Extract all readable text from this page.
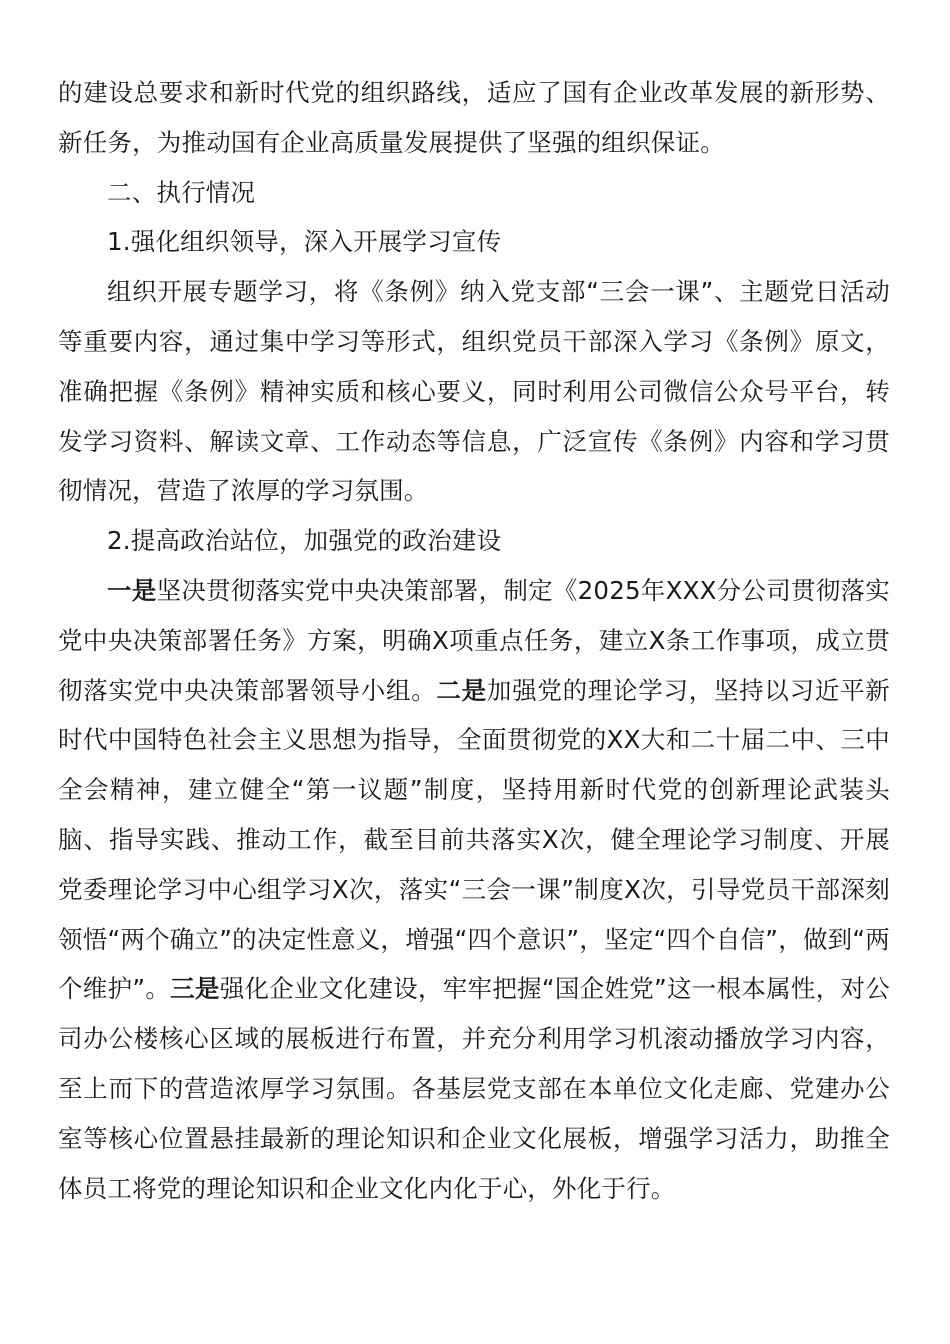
的建设总要求和新时代党的组织路线，适应了国有企业改革发展的新形势、新任务，为推动国有企业高质量发展提供了坚强的组织保证。

二、执行情况

1.强化组织领导，深入开展学习宣传

组织开展专题学习，将《条例》纳入党支部“三会一课”、主题党日活动等重要内容，通过集中学习等形式，组织党员干部深入学习《条例》原文，准确把握《条例》精神实质和核心要义，同时利用公司微信公众号平台，转发学习资料、解读文章、工作动态等信息，广泛宣传《条例》内容和学习贯彻情况，营造了浓厚的学习氛围。

2.提高政治站位，加强党的政治建设

一是坚决贯彻落实党中央决策部署，制定《2025年XXX分公司贯彻落实党中央决策部署任务》方案，明确X项重点任务，建立X条工作事项，成立贯彻落实党中央决策部署领导小组。二是加强党的理论学习，坚持以习近平新时代中国特色社会主义思想为指导，全面贯彻党的XX大和二十届二中、三中全会精神，建立健全“第一议题”制度，坚持用新时代党的创新理论武装头脑、指导实践、推动工作，截至目前共落实X次，健全理论学习制度、开展党委理论学习中心组学习X次，落实“三会一课”制度X次，引导党员干部深刻领悟“两个确立”的决定性意义，增强“四个意识”，坚定“四个自信”，做到“两个维护”。三是强化企业文化建设，牢牢把握“国企姓党”这一根本属性，对公司办公楼核心区域的展板进行布置，并充分利用学习机滚动播放学习内容，至上而下的营造浓厚学习氛围。各基层党支部在本单位文化走廊、党建办公室等核心位置悬挂最新的理论知识和企业文化展板，增强学习活力，助推全体员工将党的理论知识和企业文化内化于心，外化于行。
